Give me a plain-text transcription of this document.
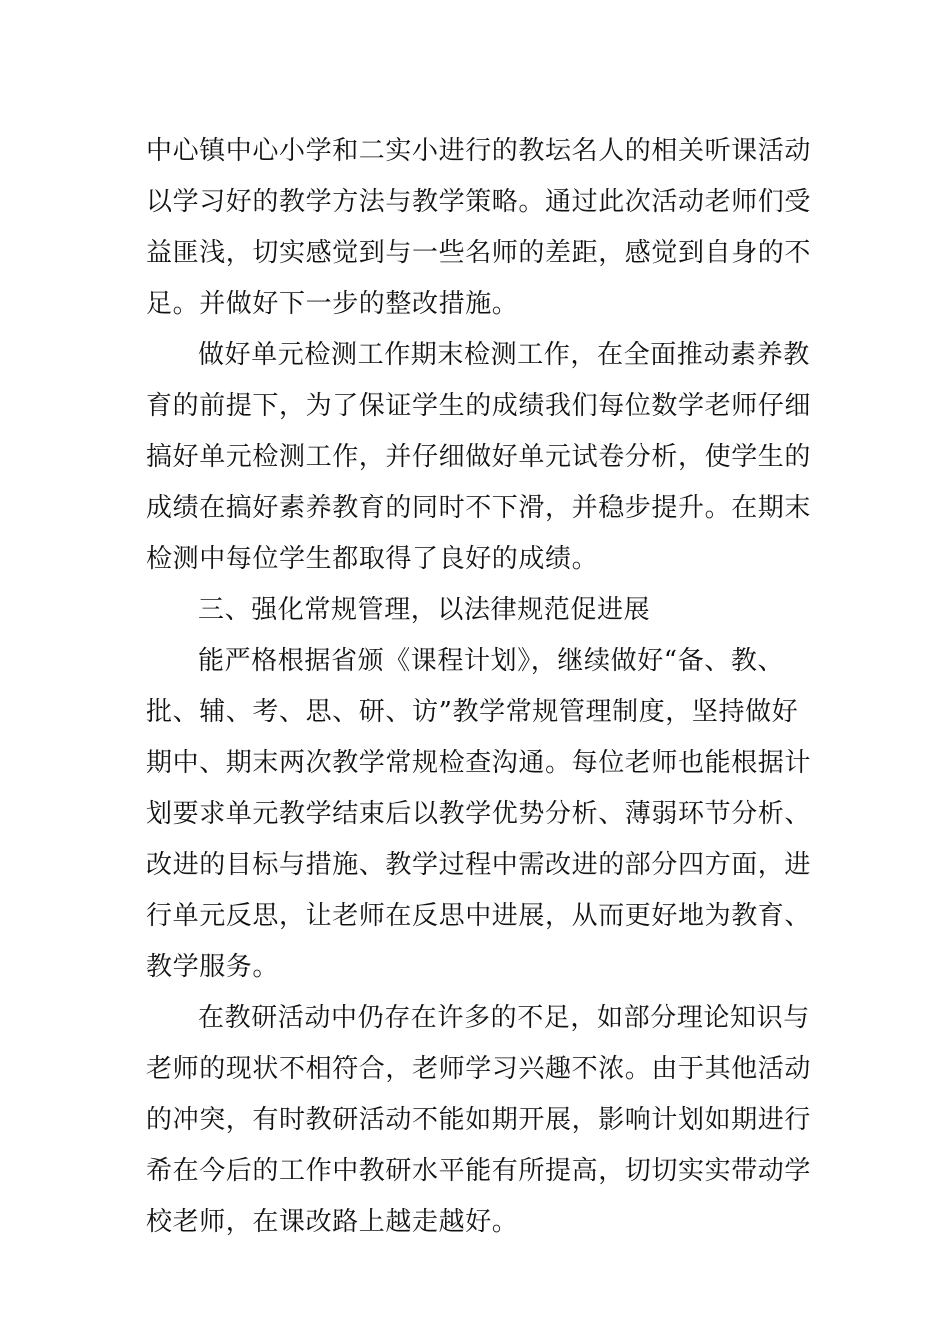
中心镇中心小学和二实小进行的教坛名人的相关听课活动
以学习好的教学方法与教学策略。通过此次活动老师们受
益匪浅，切实感觉到与一些名师的差距，感觉到自身的不
足。并做好下一步的整改措施。
做好单元检测工作期末检测工作，在全面推动素养教
育的前提下，为了保证学生的成绩我们每位数学老师仔细
搞好单元检测工作，并仔细做好单元试卷分析，使学生的
成绩在搞好素养教育的同时不下滑，并稳步提升。在期末
检测中每位学生都取得了良好的成绩。
三、强化常规管理，以法律规范促进展
能严格根据省颁《课程计划》，继续做好“备、教、
批、辅、考、思、研、访”教学常规管理制度，坚持做好
期中、期末两次教学常规检查沟通。每位老师也能根据计
划要求单元教学结束后以教学优势分析、薄弱环节分析、
改进的目标与措施、教学过程中需改进的部分四方面，进
行单元反思，让老师在反思中进展，从而更好地为教育、
教学服务。
在教研活动中仍存在许多的不足，如部分理论知识与
老师的现状不相符合，老师学习兴趣不浓。由于其他活动
的冲突，有时教研活动不能如期开展，影响计划如期进行
希在今后的工作中教研水平能有所提高，切切实实带动学
校老师，在课改路上越走越好。
